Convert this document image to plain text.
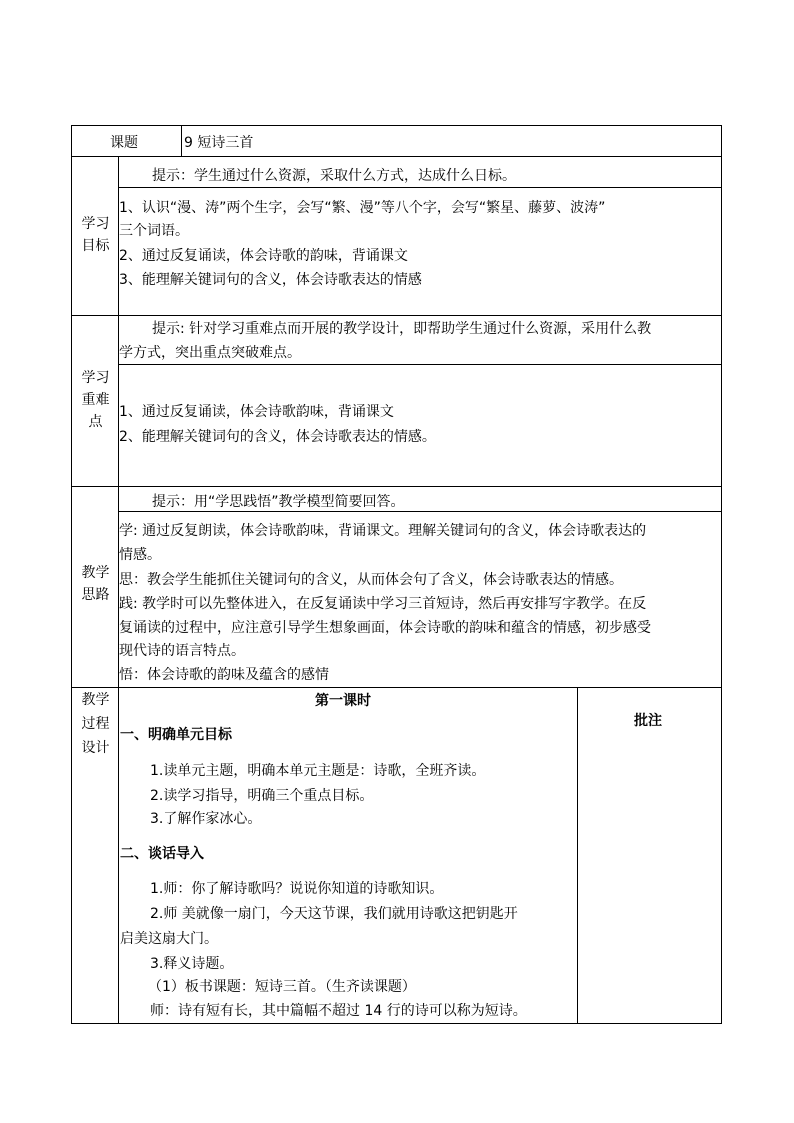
课题	9 短诗三首
学习
目标
提示：学生通过什么资源，采取什么方式，达成什么日标。
1、认识“漫、涛”两个生字，会写“繁、漫”等八个字，会写“繁星、藤萝、波涛”
三个词语。
2、通过反复诵读，体会诗歌的韵味，背诵课文
3、能理解关键词句的含义，体会诗歌表达的情感
学习
重难
点
提示: 针对学习重难点而开展的教学设计，即帮助学生通过什么资源，采用什么教
学方式，突出重点突破难点。
1、通过反复诵读，体会诗歌韵味，背诵课文
2、能理解关键词句的含义，体会诗歌表达的情感。
教学
思路
提示：用“学思践悟”教学模型简要回答。
学: 通过反复朗读，体会诗歌韵味，背诵课文。理解关键词句的含义，体会诗歌表达的
情感。
思：教会学生能抓住关键词句的含义，从而体会句了含义，体会诗歌表达的情感。
践: 教学时可以先整体进入，在反复诵读中学习三首短诗，然后再安排写字教学。在反
复诵读的过程中，应注意引导学生想象画面，体会诗歌的韵味和蕴含的情感，初步感受
现代诗的语言特点。
悟：体会诗歌的韵味及蕴含的感情
教学
过程
设计
第一课时
批注
一、明确单元目标
1.读单元主题，明确本单元主题是：诗歌，全班齐读。
2.读学习指导，明确三个重点目标。
3.了解作家冰心。
二、谈话导入
1.师：你了解诗歌吗？说说你知道的诗歌知识。
2.师 美就像一扇门，今天这节课，我们就用诗歌这把钥匙开
启美这扇大门。
3.释义诗题。
（1）板书课题：短诗三首。（生齐读课题）
师：诗有短有长，其中篇幅不超过 14 行的诗可以称为短诗。
